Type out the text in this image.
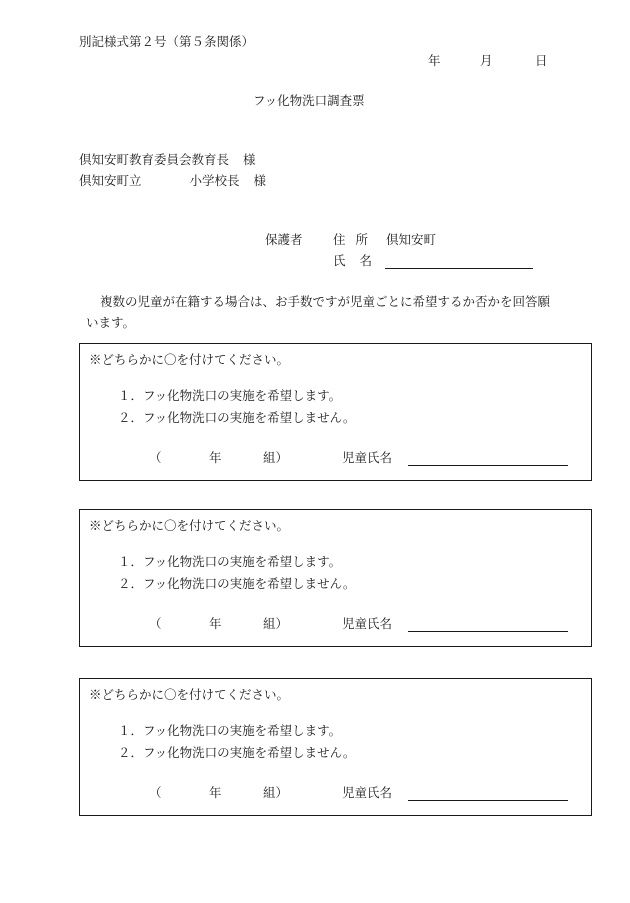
別記様式第２号（第５条関係）
年	月	日
フッ化物洗口調査票
倶知安町教育委員会教育長 様
倶知安町立	小学校長 様
保護者 住 所 倶知安町
氏 名
複数の児童が在籍する場合は、お手数ですが児童ごとに希望するか否かを回答願います。
※どちらかに〇を付けてください。
１．フッ化物洗口の実施を希望します。
２．フッ化物洗口の実施を希望しません。
（	年	組）	児童氏名
※どちらかに〇を付けてください。
１．フッ化物洗口の実施を希望します。
２．フッ化物洗口の実施を希望しません。
（	年	組）	児童氏名
※どちらかに〇を付けてください。
１．フッ化物洗口の実施を希望します。
２．フッ化物洗口の実施を希望しません。
（	年	組）	児童氏名
